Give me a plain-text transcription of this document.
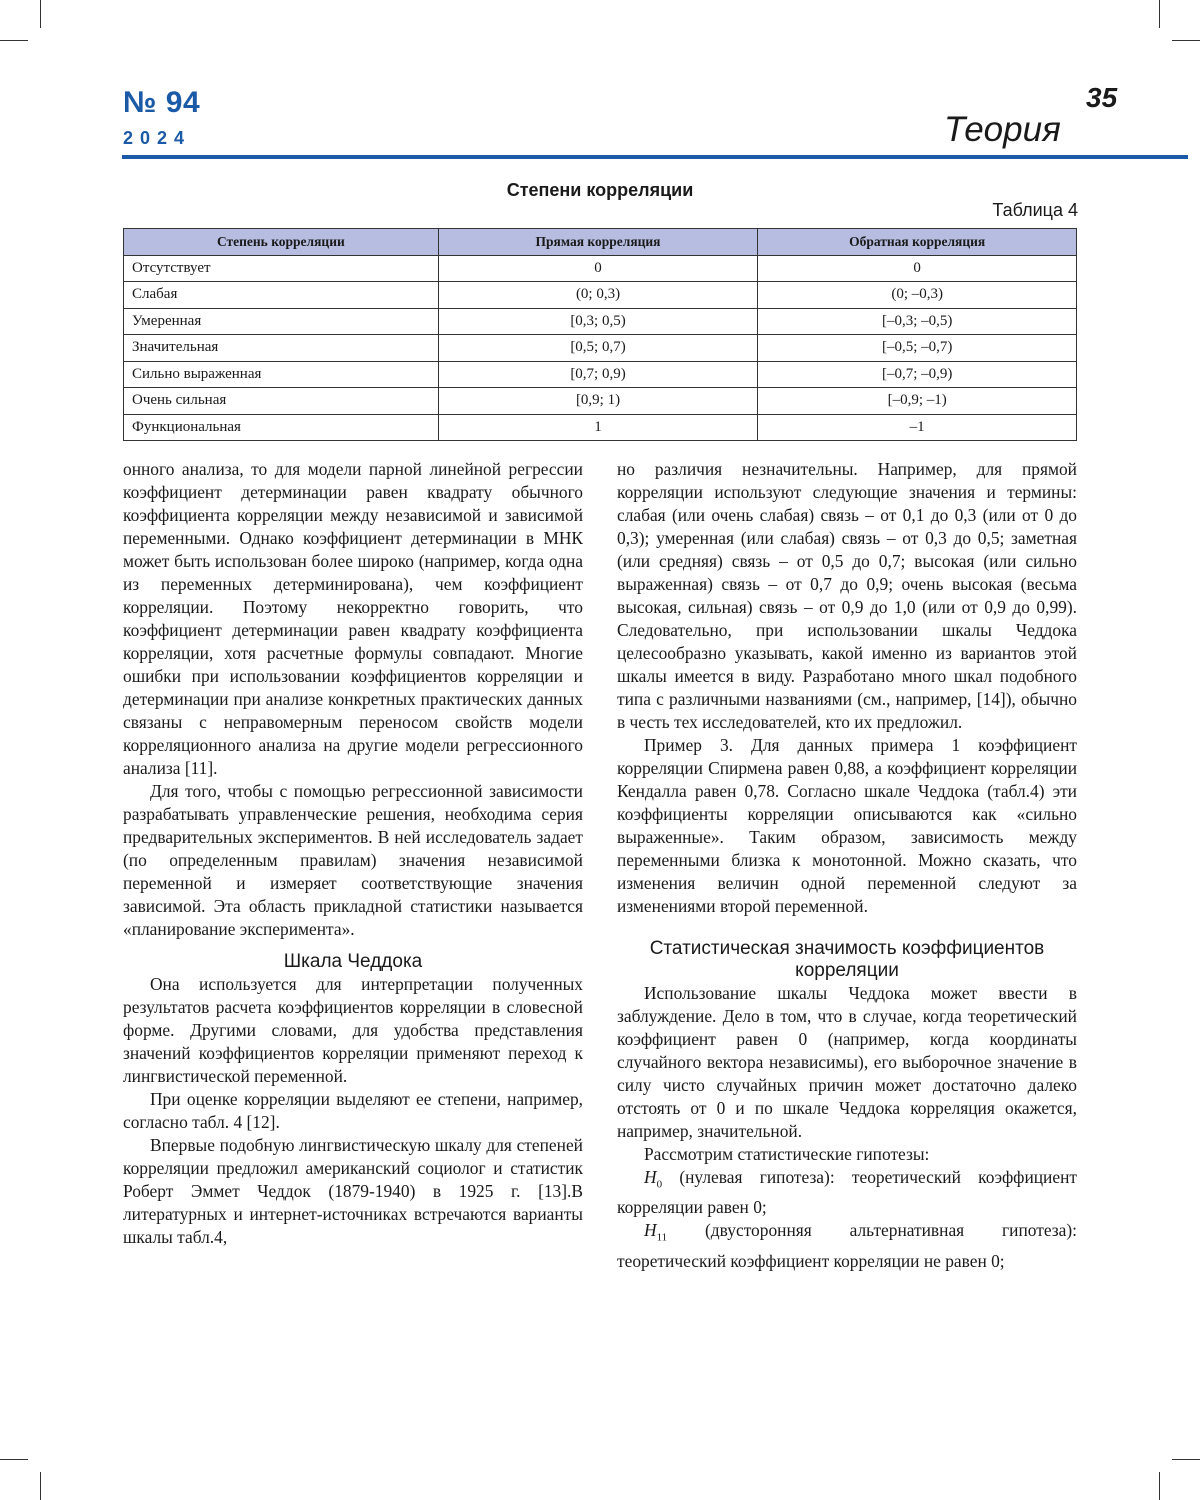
№ 94
2024
35
Теория
Степени корреляции
Таблица 4
Степень корреляции	Прямая корреляция	Обратная корреляция
Отсутствует	0	0
Слабая	(0; 0,3)	(0; –0,3)
Умеренная	[0,3; 0,5)	[–0,3; –0,5)
Значительная	[0,5; 0,7)	[–0,5; –0,7)
Сильно выраженная	[0,7; 0,9)	[–0,7; –0,9)
Очень сильная	[0,9; 1)	[–0,9; –1)
Функциональная	1	–1

онного анализа, то для модели парной линейной регрессии коэффициент детерминации равен квадрату обычного коэффициента корреляции между независимой и зависимой переменными. Однако коэффициент детерминации в МНК может быть использован более широко (например, когда одна из переменных детерминирована), чем коэффициент корреляции. Поэтому некорректно говорить, что коэффициент детерминации равен квадрату коэффициента корреляции, хотя расчетные формулы совпадают. Многие ошибки при использовании коэффициентов корреляции и детерминации при анализе конкретных практических данных связаны с неправомерным переносом свойств модели корреляционного анализа на другие модели регрессионного анализа [11].

Для того, чтобы с помощью регрессионной зависимости разрабатывать управленческие решения, необходима серия предварительных экспериментов. В ней исследователь задает (по определенным правилам) значения независимой переменной и измеряет соответствующие значения зависимой. Эта область прикладной статистики называется «планирование эксперимента».

Шкала Чеддока

Она используется для интерпретации полученных результатов расчета коэффициентов корреляции в словесной форме. Другими словами, для удобства представления значений коэффициентов корреляции применяют переход к лингвистической переменной.

При оценке корреляции выделяют ее степени, например, согласно табл. 4 [12].

Впервые подобную лингвистическую шкалу для степеней корреляции предложил американский социолог и статистик Роберт Эммет Чеддок (1879-1940) в 1925 г. [13].В литературных и интернет-источниках встречаются варианты шкалы табл.4,

но различия незначительны. Например, для прямой корреляции используют следующие значения и термины: слабая (или очень слабая) связь – от 0,1 до 0,3 (или от 0 до 0,3); умеренная (или слабая) связь – от 0,3 до 0,5; заметная (или средняя) связь – от 0,5 до 0,7; высокая (или сильно выраженная) связь – от 0,7 до 0,9; очень высокая (весьма высокая, сильная) связь – от 0,9 до 1,0 (или от 0,9 до 0,99). Следовательно, при использовании шкалы Чеддока целесообразно указывать, какой именно из вариантов этой шкалы имеется в виду. Разработано много шкал подобного типа с различными названиями (см., например, [14]), обычно в честь тех исследователей, кто их предложил.

Пример 3. Для данных примера 1 коэффициент корреляции Спирмена равен 0,88, а коэффициент корреляции Кендалла равен 0,78. Согласно шкале Чеддока (табл.4) эти коэффициенты корреляции описываются как «сильно выраженные». Таким образом, зависимость между переменными близка к монотонной. Можно сказать, что изменения величин одной переменной следуют за изменениями второй переменной.

Статистическая значимость коэффициентов корреляции

Использование шкалы Чеддока может ввести в заблуждение. Дело в том, что в случае, когда теоретический коэффициент равен 0 (например, когда координаты случайного вектора независимы), его выборочное значение в силу чисто случайных причин может достаточно далеко отстоять от 0 и по шкале Чеддока корреляция окажется, например, значительной.

Рассмотрим статистические гипотезы:

$H_0$ (нулевая гипотеза): теоретический коэффициент корреляции равен 0;

$H_{11}$ (двусторонняя альтернативная гипотеза): теоретический коэффициент корреляции не равен 0;
